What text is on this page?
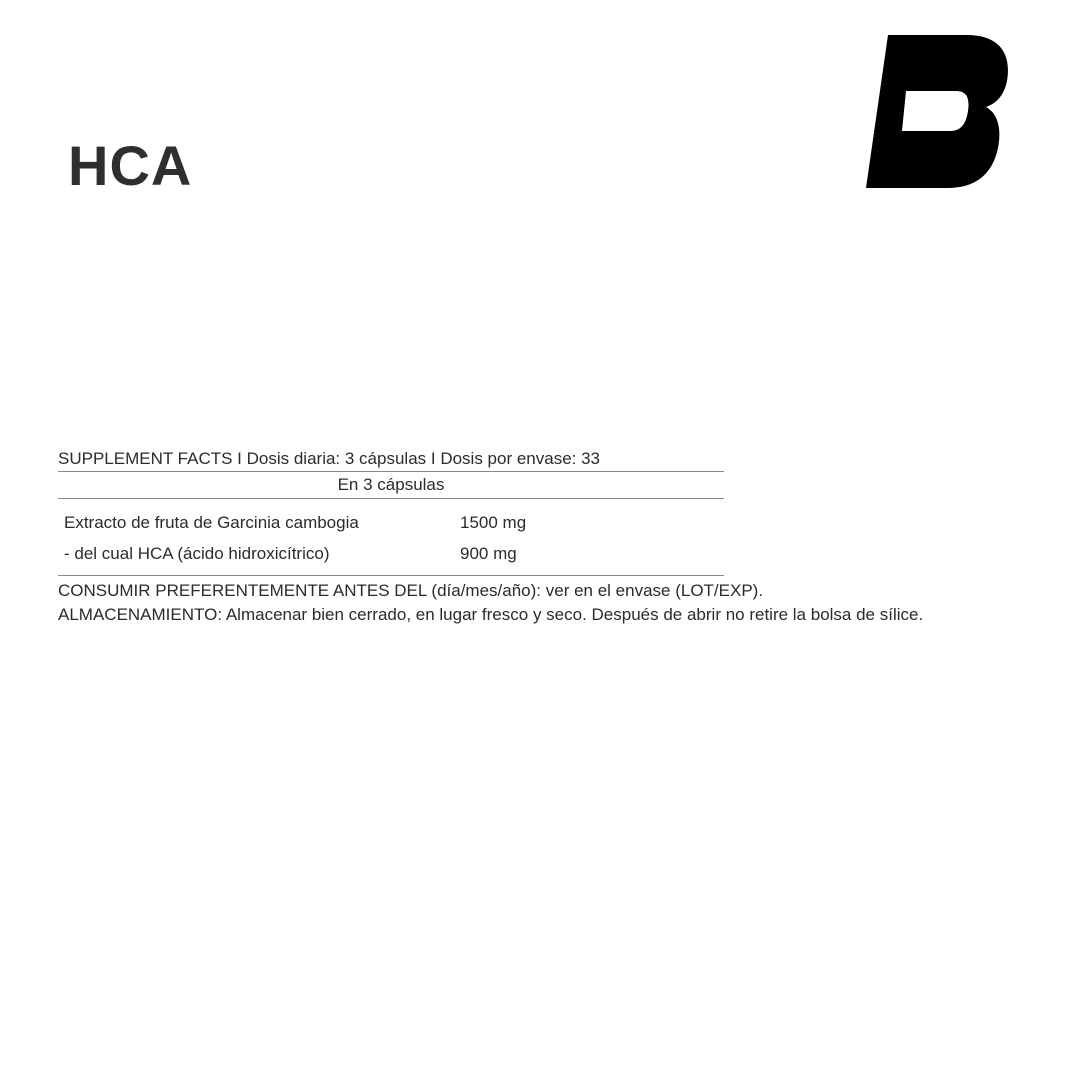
HCA
SUPPLEMENT FACTS I Dosis diaria: 3 cápsulas I Dosis por envase: 33
En 3 cápsulas
Extracto de fruta de Garcinia cambogia	1500 mg
- del cual HCA (ácido hidroxicítrico)	900 mg
CONSUMIR PREFERENTEMENTE ANTES DEL (día/mes/año): ver en el envase (LOT/EXP).
ALMACENAMIENTO: Almacenar bien cerrado, en lugar fresco y seco. Después de abrir no retire la bolsa de sílice.
